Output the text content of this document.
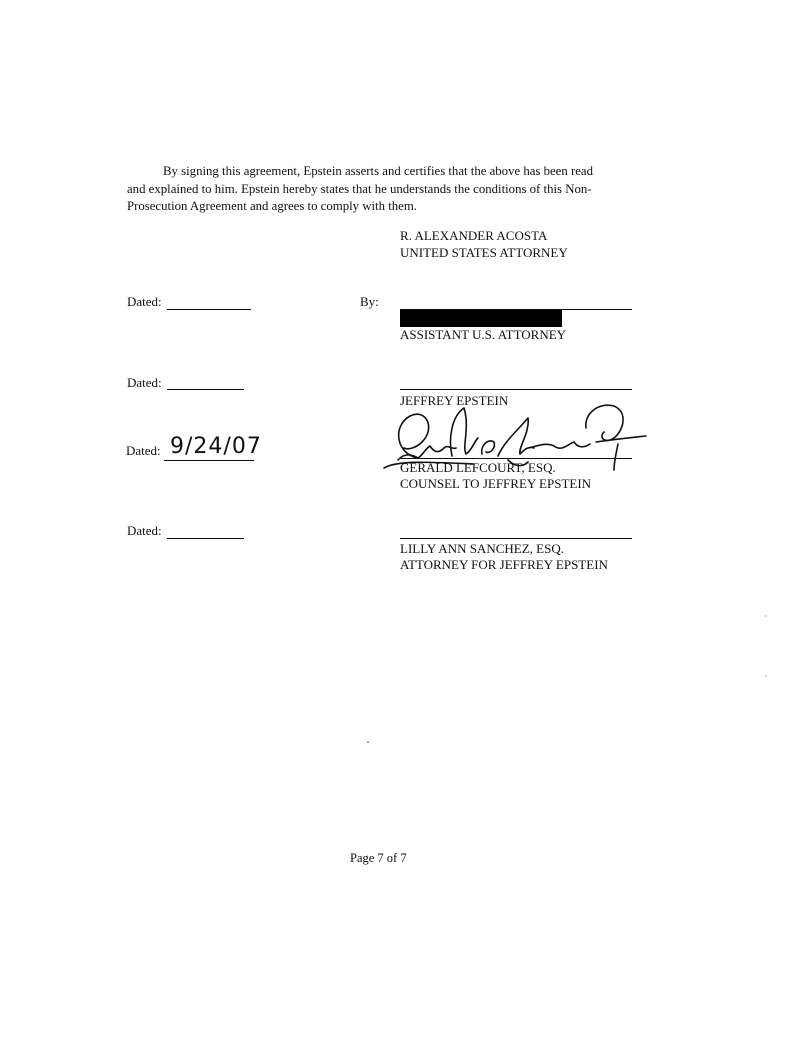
By signing this agreement, Epstein asserts and certifies that the above has been read
and explained to him. Epstein hereby states that he understands the conditions of this Non-
Prosecution Agreement and agrees to comply with them.
R. ALEXANDER ACOSTA
UNITED STATES ATTORNEY
Dated:	By:
ASSISTANT U.S. ATTORNEY
Dated:
JEFFREY EPSTEIN
Dated: 9/24/07
GERALD LEFCOURT, ESQ.
COUNSEL TO JEFFREY EPSTEIN
Dated:
LILLY ANN SANCHEZ, ESQ.
ATTORNEY FOR JEFFREY EPSTEIN
Page 7 of 7
